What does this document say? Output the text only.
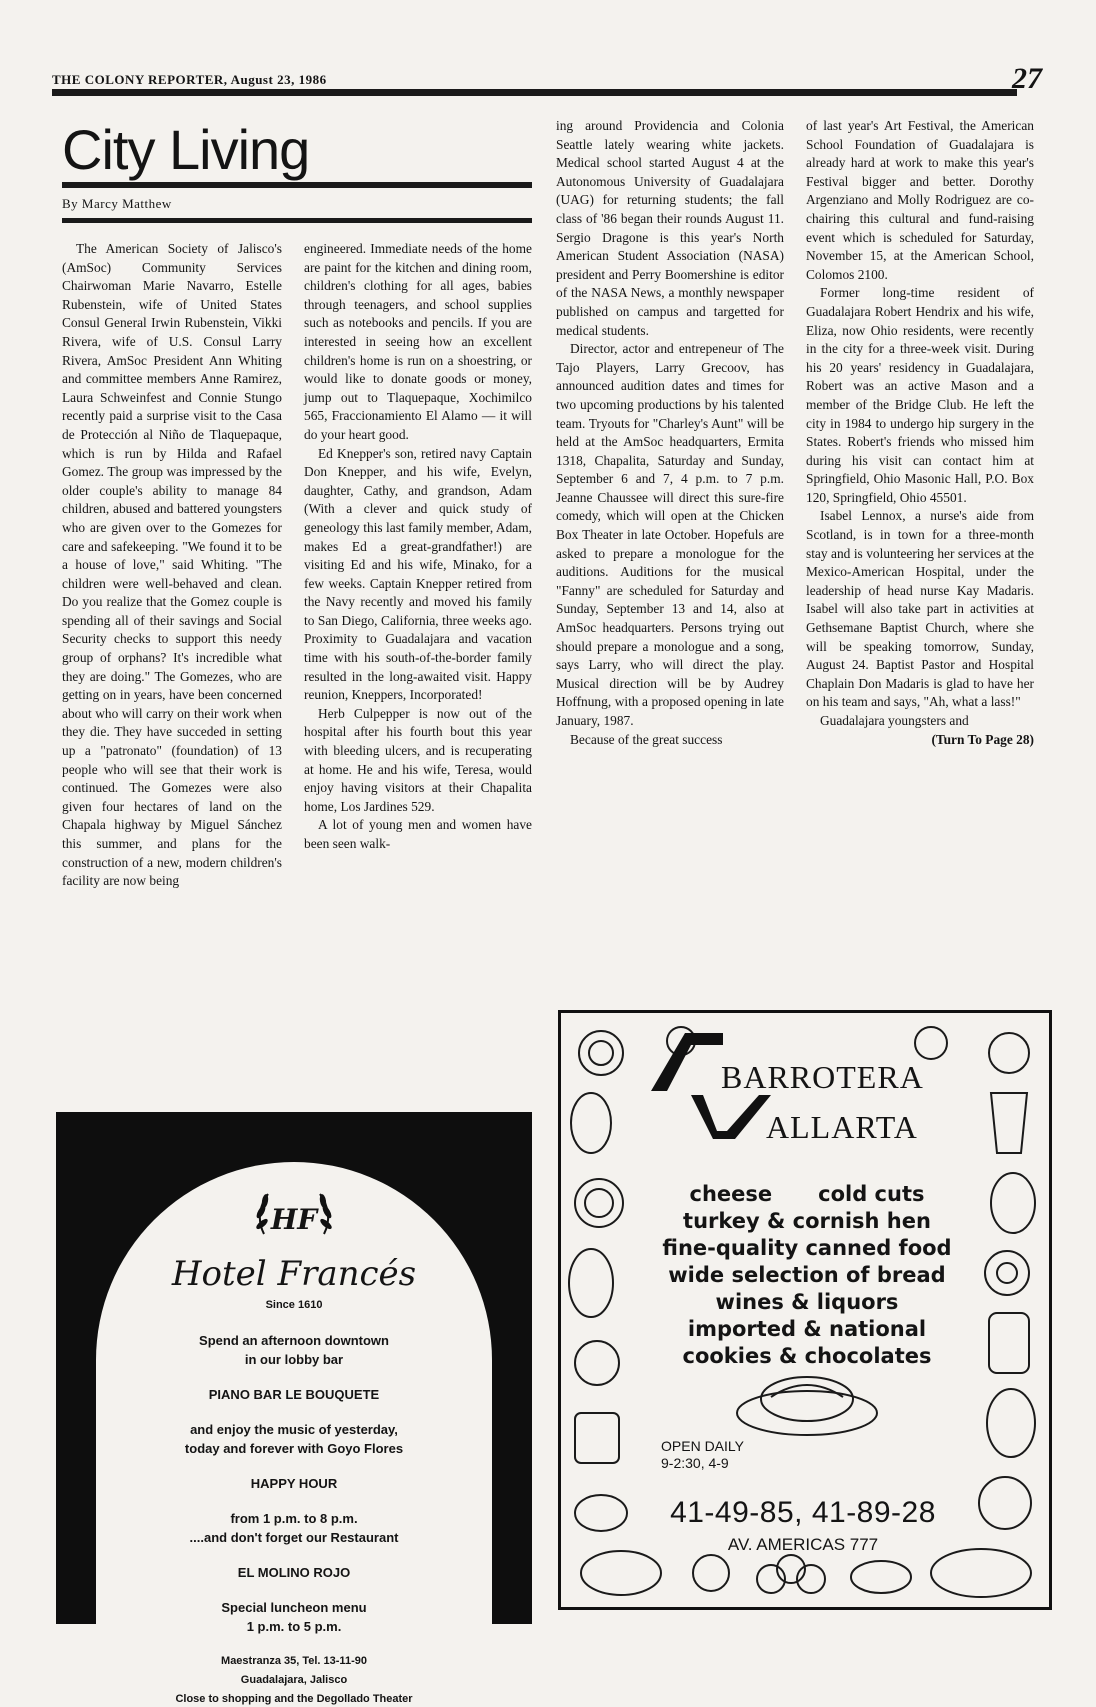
THE COLONY REPORTER, August 23, 1986	27
City Living
By Marcy Matthew

The American Society of Jalisco's (AmSoc) Community Services Chairwoman Marie Navarro, Estelle Rubenstein, wife of United States Consul General Irwin Rubenstein, Vikki Rivera, wife of U.S. Consul Larry Rivera, AmSoc President Ann Whiting and committee members Anne Ramirez, Laura Schweinfest and Connie Stungo recently paid a surprise visit to the Casa de Protección al Niño de Tlaquepaque, which is run by Hilda and Rafael Gomez. The group was impressed by the older couple's ability to manage 84 children, abused and battered youngsters who are given over to the Gomezes for care and safekeeping. "We found it to be a house of love," said Whiting. "The children were well-behaved and clean. Do you realize that the Gomez couple is spending all of their savings and Social Security checks to support this needy group of orphans? It's incredible what they are doing." The Gomezes, who are getting on in years, have been concerned about who will carry on their work when they die. They have succeded in setting up a "patronato" (foundation) of 13 people who will see that their work is continued. The Gomezes were also given four hectares of land on the Chapala highway by Miguel Sánchez this summer, and plans for the construction of a new, modern children's facility are now being

engineered. Immediate needs of the home are paint for the kitchen and dining room, children's clothing for all ages, babies through teenagers, and school supplies such as notebooks and pencils. If you are interested in seeing how an excellent children's home is run on a shoestring, or would like to donate goods or money, jump out to Tlaquepaque, Xochimilco 565, Fraccionamiento El Alamo — it will do your heart good.

Ed Knepper's son, retired navy Captain Don Knepper, and his wife, Evelyn, daughter, Cathy, and grandson, Adam (With a clever and quick study of geneology this last family member, Adam, makes Ed a great-grandfather!) are visiting Ed and his wife, Minako, for a few weeks. Captain Knepper retired from the Navy recently and moved his family to San Diego, California, three weeks ago. Proximity to Guadalajara and vacation time with his south-of-the-border family resulted in the long-awaited visit. Happy reunion, Kneppers, Incorporated!

Herb Culpepper is now out of the hospital after his fourth bout this year with bleeding ulcers, and is recuperating at home. He and his wife, Teresa, would enjoy having visitors at their Chapalita home, Los Jardines 529.

A lot of young men and women have been seen walk-

ing around Providencia and Colonia Seattle lately wearing white jackets. Medical school started August 4 at the Autonomous University of Guadalajara (UAG) for returning students; the fall class of '86 began their rounds August 11. Sergio Dragone is this year's North American Student Association (NASA) president and Perry Boomershine is editor of the NASA News, a monthly newspaper published on campus and targetted for medical students.

Director, actor and entrepeneur of The Tajo Players, Larry Grecoov, has announced audition dates and times for two upcoming productions by his talented team. Tryouts for "Charley's Aunt" will be held at the AmSoc headquarters, Ermita 1318, Chapalita, Saturday and Sunday, September 6 and 7, 4 p.m. to 7 p.m. Jeanne Chaussee will direct this sure-fire comedy, which will open at the Chicken Box Theater in late October. Hopefuls are asked to prepare a monologue for the auditions. Auditions for the musical "Fanny" are scheduled for Saturday and Sunday, September 13 and 14, also at AmSoc headquarters. Persons trying out should prepare a monologue and a song, says Larry, who will direct the play. Musical direction will be by Audrey Hoffnung, with a proposed opening in late January, 1987.

Because of the great success

of last year's Art Festival, the American School Foundation of Guadalajara is already hard at work to make this year's Festival bigger and better. Dorothy Argenziano and Molly Rodriguez are co-chairing this cultural and fund-raising event which is scheduled for Saturday, November 15, at the American School, Colomos 2100.

Former long-time resident of Guadalajara Robert Hendrix and his wife, Eliza, now Ohio residents, were recently in the city for a three-week visit. During his 20 years' residency in Guadalajara, Robert was an active Mason and a member of the Bridge Club. He left the city in 1984 to undergo hip surgery in the States. Robert's friends who missed him during his visit can contact him at Springfield, Ohio Masonic Hall, P.O. Box 120, Springfield, Ohio 45501.

Isabel Lennox, a nurse's aide from Scotland, is in town for a three-month stay and is volunteering her services at the Mexico-American Hospital, under the leadership of head nurse Kay Madaris. Isabel will also take part in activities at Gethsemane Baptist Church, where she will be speaking tomorrow, Sunday, August 24. Baptist Pastor and Hospital Chaplain Don Madaris is glad to have her on his team and says, "Ah, what a lass!"

Guadalajara youngsters and

(Turn To Page 28)

HF
Hotel Francés
Since 1610
Spend an afternoon downtown
in our lobby bar
PIANO BAR LE BOUQUETE
and enjoy the music of yesterday,
today and forever with Goyo Flores
HAPPY HOUR
from 1 p.m. to 8 p.m.
....and don't forget our Restaurant
EL MOLINO ROJO
Special luncheon menu
1 p.m. to 5 p.m.
Maestranza 35, Tel. 13-11-90
Guadalajara, Jalisco
Close to shopping and the Degollado Theater
BARROTERA
ALLARTA
cheese cold cuts
turkey & cornish hen
fine-quality canned food
wide selection of bread
wines & liquors
imported & national
cookies & chocolates
OPEN DAILY
9-2:30, 4-9
41-49-85, 41-89-28
AV. AMERICAS 777
